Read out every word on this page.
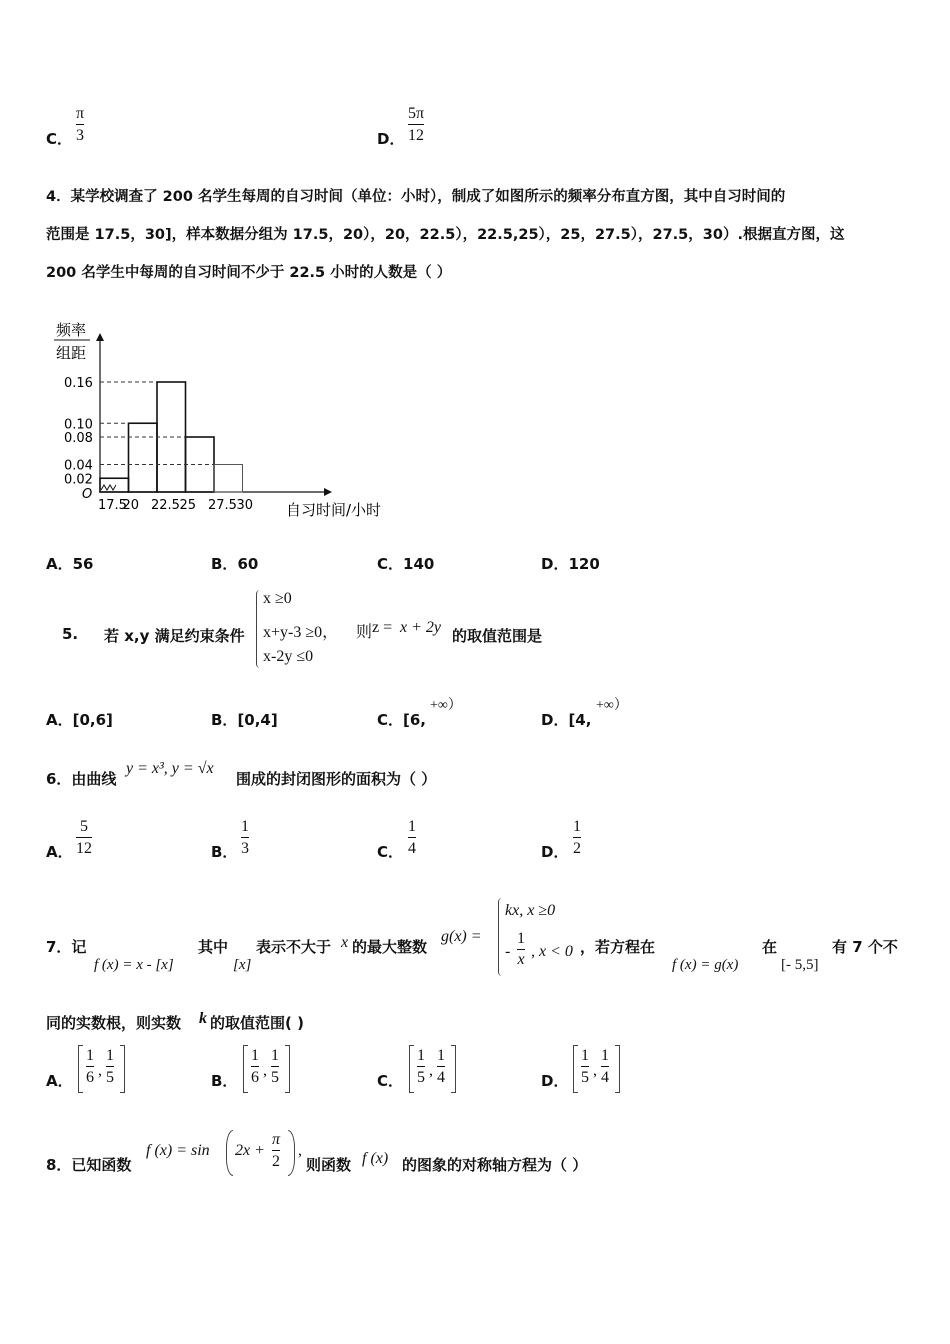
C．
π
3	D．
5π
12
4．某学校调查了 200 名学生每周的自习时间（单位：小时），制成了如图所示的频率分布直方图，其中自习时间的
范围是 17.5，30]，样本数据分组为 17.5，20），20，22.5），22.5,25），25，27.5），27.5，30）.根据直方图，这
200 名学生中每周的自习时间不少于 22.5 小时的人数是（ ）
频率
组距
0.02
0.04
0.08
0.10
0.16
17.5
20 22.5 25 27.5 30
O
自习时间/小时
A．56	B．60	C．140	D．120
5. 若 x,y 满足约束条件
x ≥0
x+y-3 ≥0， 则 z = x + 2y
x-2y ≤0
的取值范围是
A．[0,6]	B．[0,4]	C．[6,
+∞）
D．[4,
+∞）
6．由曲线
y = x³, y = √x
围成的封闭图形的面积为（ ）
A．
5
12	B．
1
3	C．
1
4	D．
1
2
7．记
f (x) = x - [x]
其中
[x]
表示不大于 x 的最大整数
g(x) =
kx, x ≥0
-
1
x , x < 0 ，若方程在
f (x) = g(x)
在
[- 5,5]
有 7 个不
同的实数根，则实数 k 的取值范围( )
A．
1
6 ,
1
5	B．
1
6 ,
1
5	C．
1
5 ,
1
4	D．
1
5 ,
1
4
8．已知函数
f (x) = sin 2x +
π
2
,
则函数 f (x) 的图象的对称轴方程为（ ）
